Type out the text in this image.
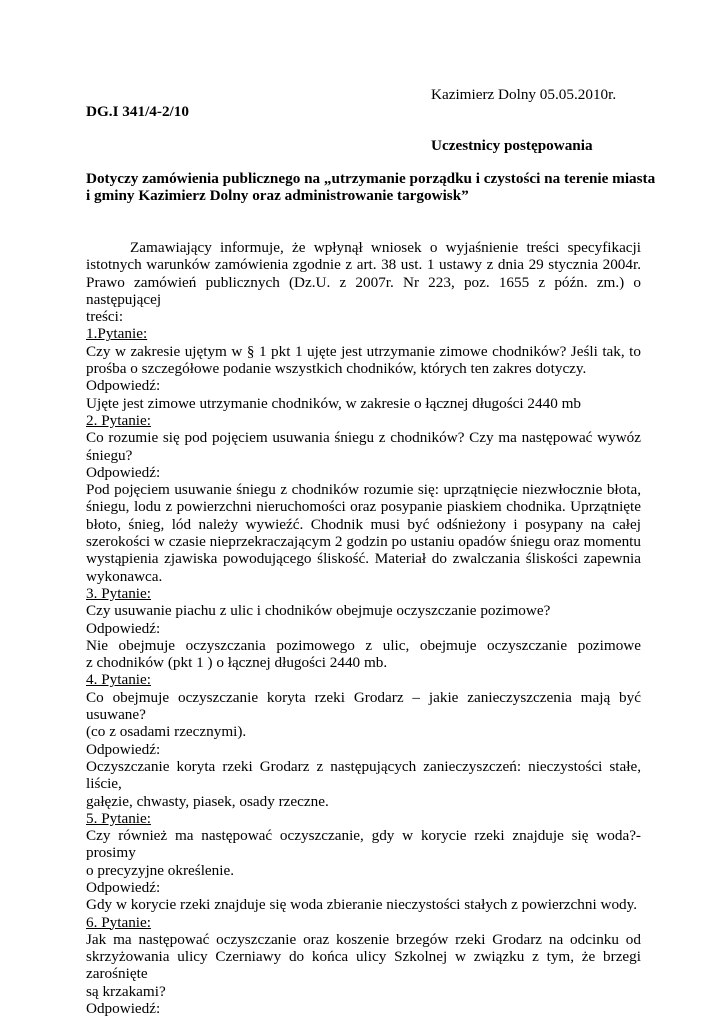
Kazimierz Dolny 05.05.2010r.
DG.I 341/4-2/10
Uczestnicy postępowania
Dotyczy zamówienia publicznego na „utrzymanie porządku i czystości na terenie miasta
i gminy Kazimierz Dolny oraz administrowanie targowisk”
Zamawiający informuje, że wpłynął wniosek o wyjaśnienie treści specyfikacji
istotnych warunków zamówienia zgodnie z art. 38 ust. 1 ustawy z dnia 29 stycznia 2004r.
Prawo zamówień publicznych (Dz.U. z 2007r. Nr 223, poz. 1655 z późn. zm.) o następującej
treści:
1.Pytanie:
Czy w zakresie ujętym w § 1 pkt 1 ujęte jest utrzymanie zimowe chodników? Jeśli tak, to
prośba o szczegółowe podanie wszystkich chodników, których ten zakres dotyczy.
Odpowiedź:
Ujęte jest zimowe utrzymanie chodników, w zakresie o łącznej długości 2440 mb
2. Pytanie:
Co rozumie się pod pojęciem usuwania śniegu z chodników? Czy ma następować wywóz
śniegu?
Odpowiedź:
Pod pojęciem usuwanie śniegu z chodników rozumie się: uprzątnięcie niezwłocznie błota,
śniegu, lodu z powierzchni nieruchomości oraz posypanie piaskiem chodnika. Uprzątnięte
błoto, śnieg, lód należy wywieźć. Chodnik musi być odśnieżony i posypany na całej
szerokości w czasie nieprzekraczającym 2 godzin po ustaniu opadów śniegu oraz momentu
wystąpienia zjawiska powodującego śliskość. Materiał do zwalczania śliskości zapewnia
wykonawca.
3. Pytanie:
Czy usuwanie piachu z ulic i chodników obejmuje oczyszczanie pozimowe?
Odpowiedź:
Nie obejmuje oczyszczania pozimowego z ulic, obejmuje oczyszczanie pozimowe
z chodników (pkt 1 ) o łącznej długości 2440 mb.
4. Pytanie:
Co obejmuje oczyszczanie koryta rzeki Grodarz – jakie zanieczyszczenia mają być usuwane?
(co z osadami rzecznymi).
Odpowiedź:
Oczyszczanie koryta rzeki Grodarz z następujących zanieczyszczeń: nieczystości stałe, liście,
gałęzie, chwasty, piasek, osady rzeczne.
5. Pytanie:
Czy również ma następować oczyszczanie, gdy w korycie rzeki znajduje się woda?- prosimy
o precyzyjne określenie.
Odpowiedź:
Gdy w korycie rzeki znajduje się woda zbieranie nieczystości stałych z powierzchni wody.
6. Pytanie:
Jak ma następować oczyszczanie oraz koszenie brzegów rzeki Grodarz na odcinku od
skrzyżowania ulicy Czerniawy do końca ulicy Szkolnej w związku z tym, że brzegi zarośnięte
są krzakami?
Odpowiedź:
